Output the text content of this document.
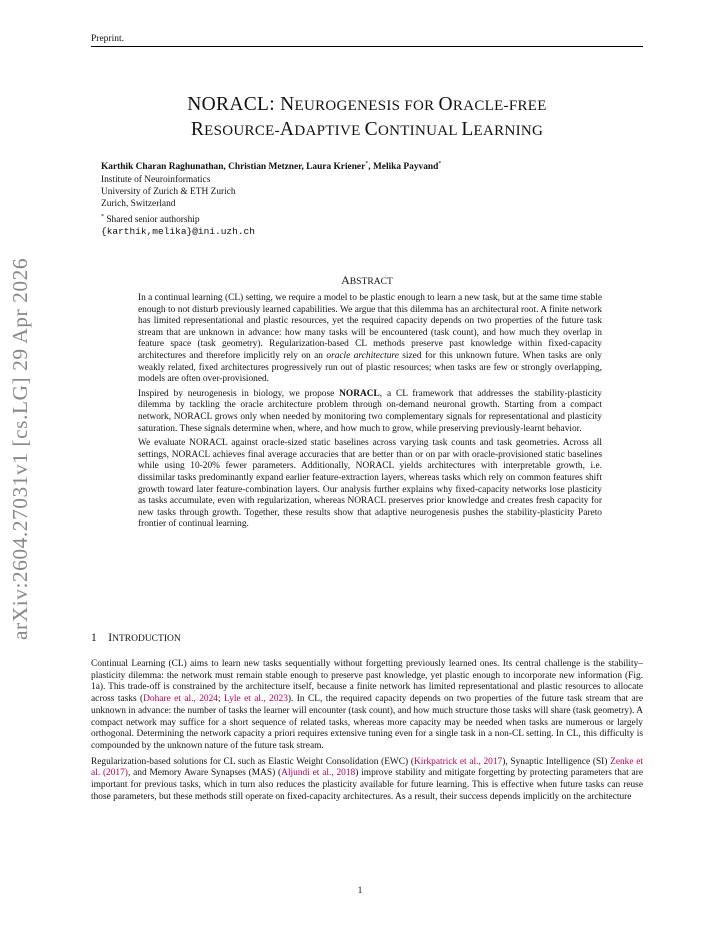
Preprint.
NORACL: NEUROGENESIS FOR ORACLE-FREE
RESOURCE-ADAPTIVE CONTINUAL LEARNING
Karthik Charan Raghunathan, Christian Metzner, Laura Kriener*, Melika Payvand*
Institute of Neuroinformatics
University of Zurich & ETH Zurich
Zurich, Switzerland
* Shared senior authorship
{karthik,melika}@ini.uzh.ch
arXiv:2604.27031v1 [cs.LG] 29 Apr 2026	ABSTRACT

In a continual learning (CL) setting, we require a model to be plastic enough to learn a new task, but at the same time stable enough to not disturb previously learned capabilities. We argue that this dilemma has an architectural root. A finite network has limited representational and plastic resources, yet the required capacity depends on two properties of the future task stream that are unknown in advance: how many tasks will be encountered (task count), and how much they overlap in feature space (task geometry). Regularization-based CL methods preserve past knowledge within fixed-capacity architectures and therefore implicitly rely on an oracle architecture sized for this unknown future. When tasks are only weakly related, fixed architectures progressively run out of plastic resources; when tasks are few or strongly overlapping, models are often over-provisioned.

Inspired by neurogenesis in biology, we propose NORACL, a CL framework that addresses the stability-plasticity dilemma by tackling the oracle architecture problem through on-demand neuronal growth. Starting from a compact network, NORACL grows only when needed by monitoring two complementary signals for representational and plasticity saturation. These signals determine when, where, and how much to grow, while preserving previously-learnt behavior.

We evaluate NORACL against oracle-sized static baselines across varying task counts and task geometries. Across all settings, NORACL achieves final average accuracies that are better than or on par with oracle-provisioned static baselines while using 10-20% fewer parameters. Additionally, NORACL yields architectures with interpretable growth, i.e. dissimilar tasks predominantly expand earlier feature-extraction layers, whereas tasks which rely on common features shift growth toward later feature-combination layers. Our analysis further explains why fixed-capacity networks lose plasticity as tasks accumulate, even with regularization, whereas NORACL preserves prior knowledge and creates fresh capacity for new tasks through growth. Together, these results show that adaptive neurogenesis pushes the stability-plasticity Pareto frontier of continual learning.

1 INTRODUCTION

Continual Learning (CL) aims to learn new tasks sequentially without forgetting previously learned ones. Its central challenge is the stability–plasticity dilemma: the network must remain stable enough to preserve past knowledge, yet plastic enough to incorporate new information (Fig. 1a). This trade-off is constrained by the architecture itself, because a finite network has limited representational and plastic resources to allocate across tasks (Dohare et al., 2024; Lyle et al., 2023). In CL, the required capacity depends on two properties of the future task stream that are unknown in advance: the number of tasks the learner will encounter (task count), and how much structure those tasks will share (task geometry). A compact network may suffice for a short sequence of related tasks, whereas more capacity may be needed when tasks are numerous or largely orthogonal. Determining the network capacity a priori requires extensive tuning even for a single task in a non-CL setting. In CL, this difficulty is compounded by the unknown nature of the future task stream.

Regularization-based solutions for CL such as Elastic Weight Consolidation (EWC) (Kirkpatrick et al., 2017), Synaptic Intelligence (SI) Zenke et al. (2017), and Memory Aware Synapses (MAS) (Aljundi et al., 2018) improve stability and mitigate forgetting by protecting parameters that are important for previous tasks, which in turn also reduces the plasticity available for future learning. This is effective when future tasks can reuse those parameters, but these methods still operate on fixed-capacity architectures. As a result, their success depends implicitly on the architecture

1
